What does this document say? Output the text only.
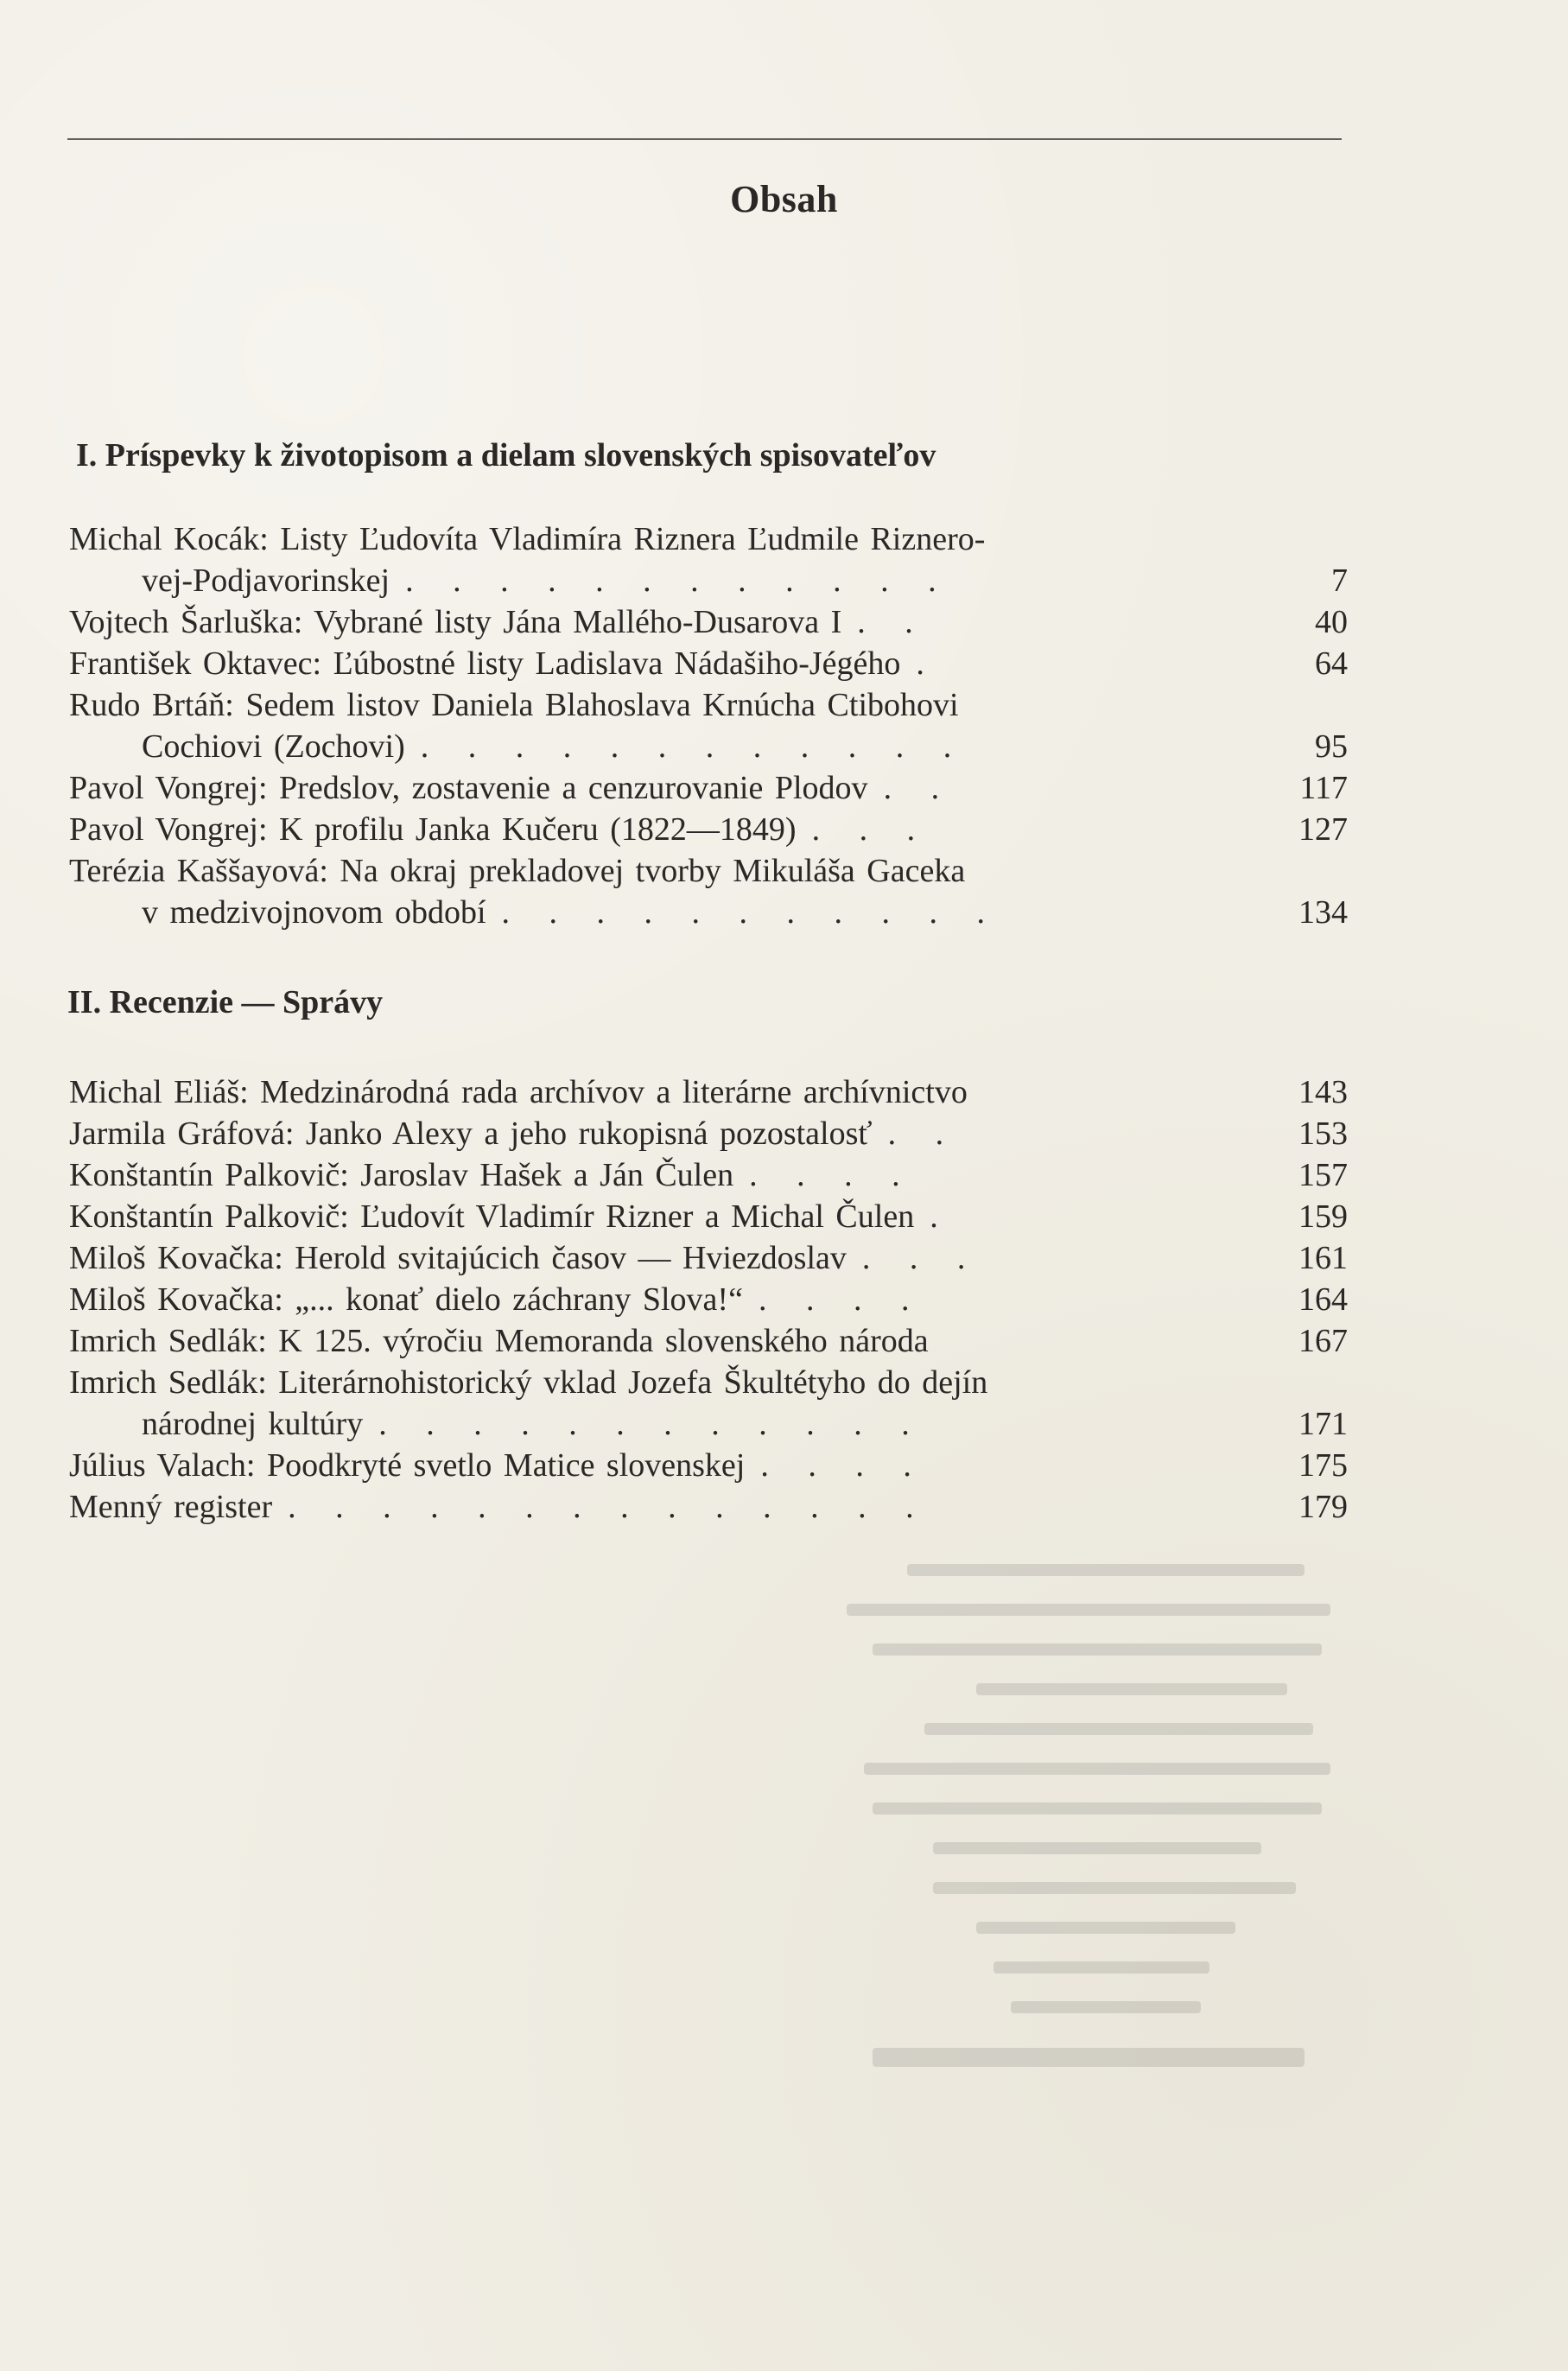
Obsah
I. Príspevky k životopisom a dielam slovenských spisovateľov
Michal Kocák: Listy Ľudovíta Vladimíra Riznera Ľudmile Riznero-
vej-Podjavorinskej . . . . . . . . . . . .	7
Vojtech Šarluška: Vybrané listy Jána Mallého-Dusarova I . .	40
František Oktavec: Ľúbostné listy Ladislava Nádašiho-Jégého .	64
Rudo Brtáň: Sedem listov Daniela Blahoslava Krnúcha Ctibohovi
Cochiovi (Zochovi) . . . . . . . . . . . .	95
Pavol Vongrej: Predslov, zostavenie a cenzurovanie Plodov . .	117
Pavol Vongrej: K profilu Janka Kučeru (1822—1849) . . .	127
Terézia Kaššayová: Na okraj prekladovej tvorby Mikuláša Gaceka
v medzivojnovom období . . . . . . . . . . .	134
II. Recenzie — Správy
Michal Eliáš: Medzinárodná rada archívov a literárne archívnictvo	143
Jarmila Gráfová: Janko Alexy a jeho rukopisná pozostalosť . .	153
Konštantín Palkovič: Jaroslav Hašek a Ján Čulen . . . .	157
Konštantín Palkovič: Ľudovít Vladimír Rizner a Michal Čulen .	159
Miloš Kovačka: Herold svitajúcich časov — Hviezdoslav . . .	161
Miloš Kovačka: „... konať dielo záchrany Slova!“ . . . .	164
Imrich Sedlák: K 125. výročiu Memoranda slovenského národa	167
Imrich Sedlák: Literárnohistorický vklad Jozefa Škultétyho do dejín
národnej kultúry . . . . . . . . . . . .	171
Július Valach: Poodkryté svetlo Matice slovenskej . . . .	175
Menný register . . . . . . . . . . . . . .	179
